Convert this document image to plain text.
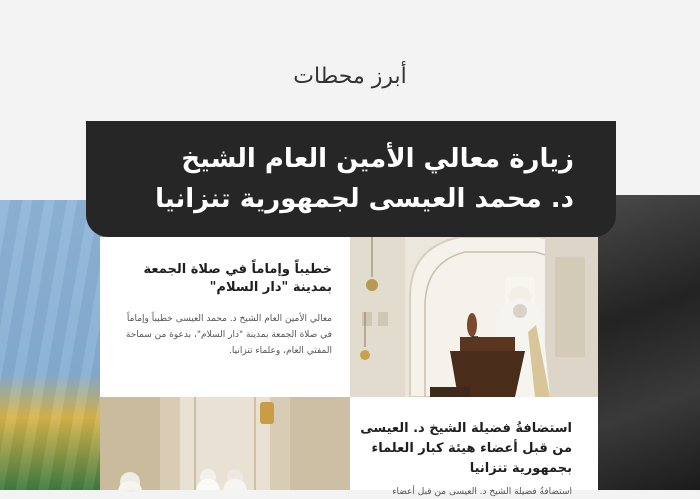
أبرز محطات
زيارة معالي الأمين العام الشيخ
د. محمد العيسى لجمهورية تنزانيا
خطيباً وإماماً في صلاة الجمعة بمدينة "دار السلام"
معالي الأمين العام الشيخ د. محمد العيسى خطيباً وإماماً في صلاة الجمعة بمدينة "دار السلام"، بدعوة من سماحة المفتي العام، وعلماء تنزانيا.
استضافةُ فضيلة الشيخ د. العيسى من قبل أعضاء هيئة كبار العلماء بجمهورية تنزانيا
استضافةُ فضيلة الشيخ د. العيسى من قبل أعضاء
